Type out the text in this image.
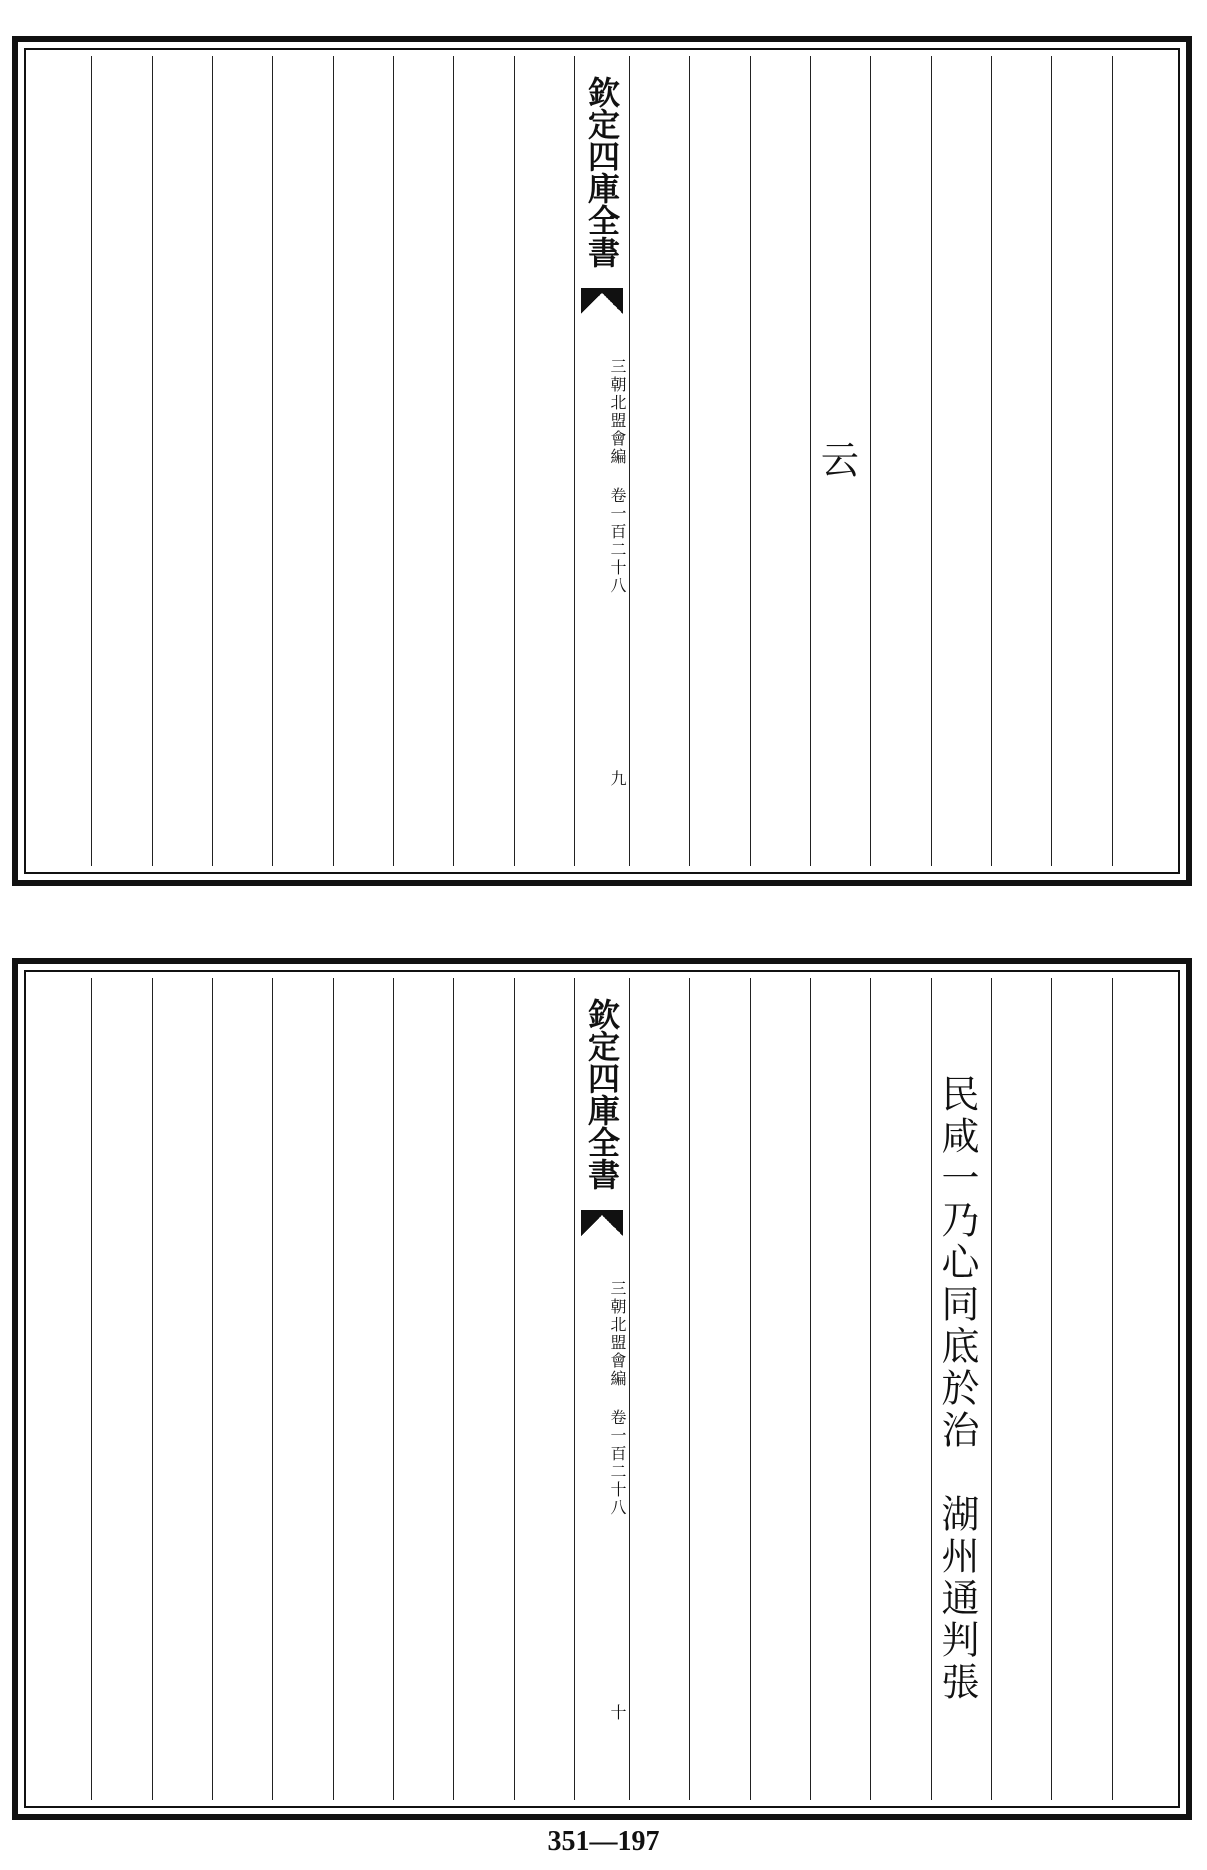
云
欽定四庫全書
三朝北盟會編 卷一百二十八
九
民咸一乃心同底於治　湖州通判張
欽定四庫全書
三朝北盟會編 卷一百二十八
十
351—197
